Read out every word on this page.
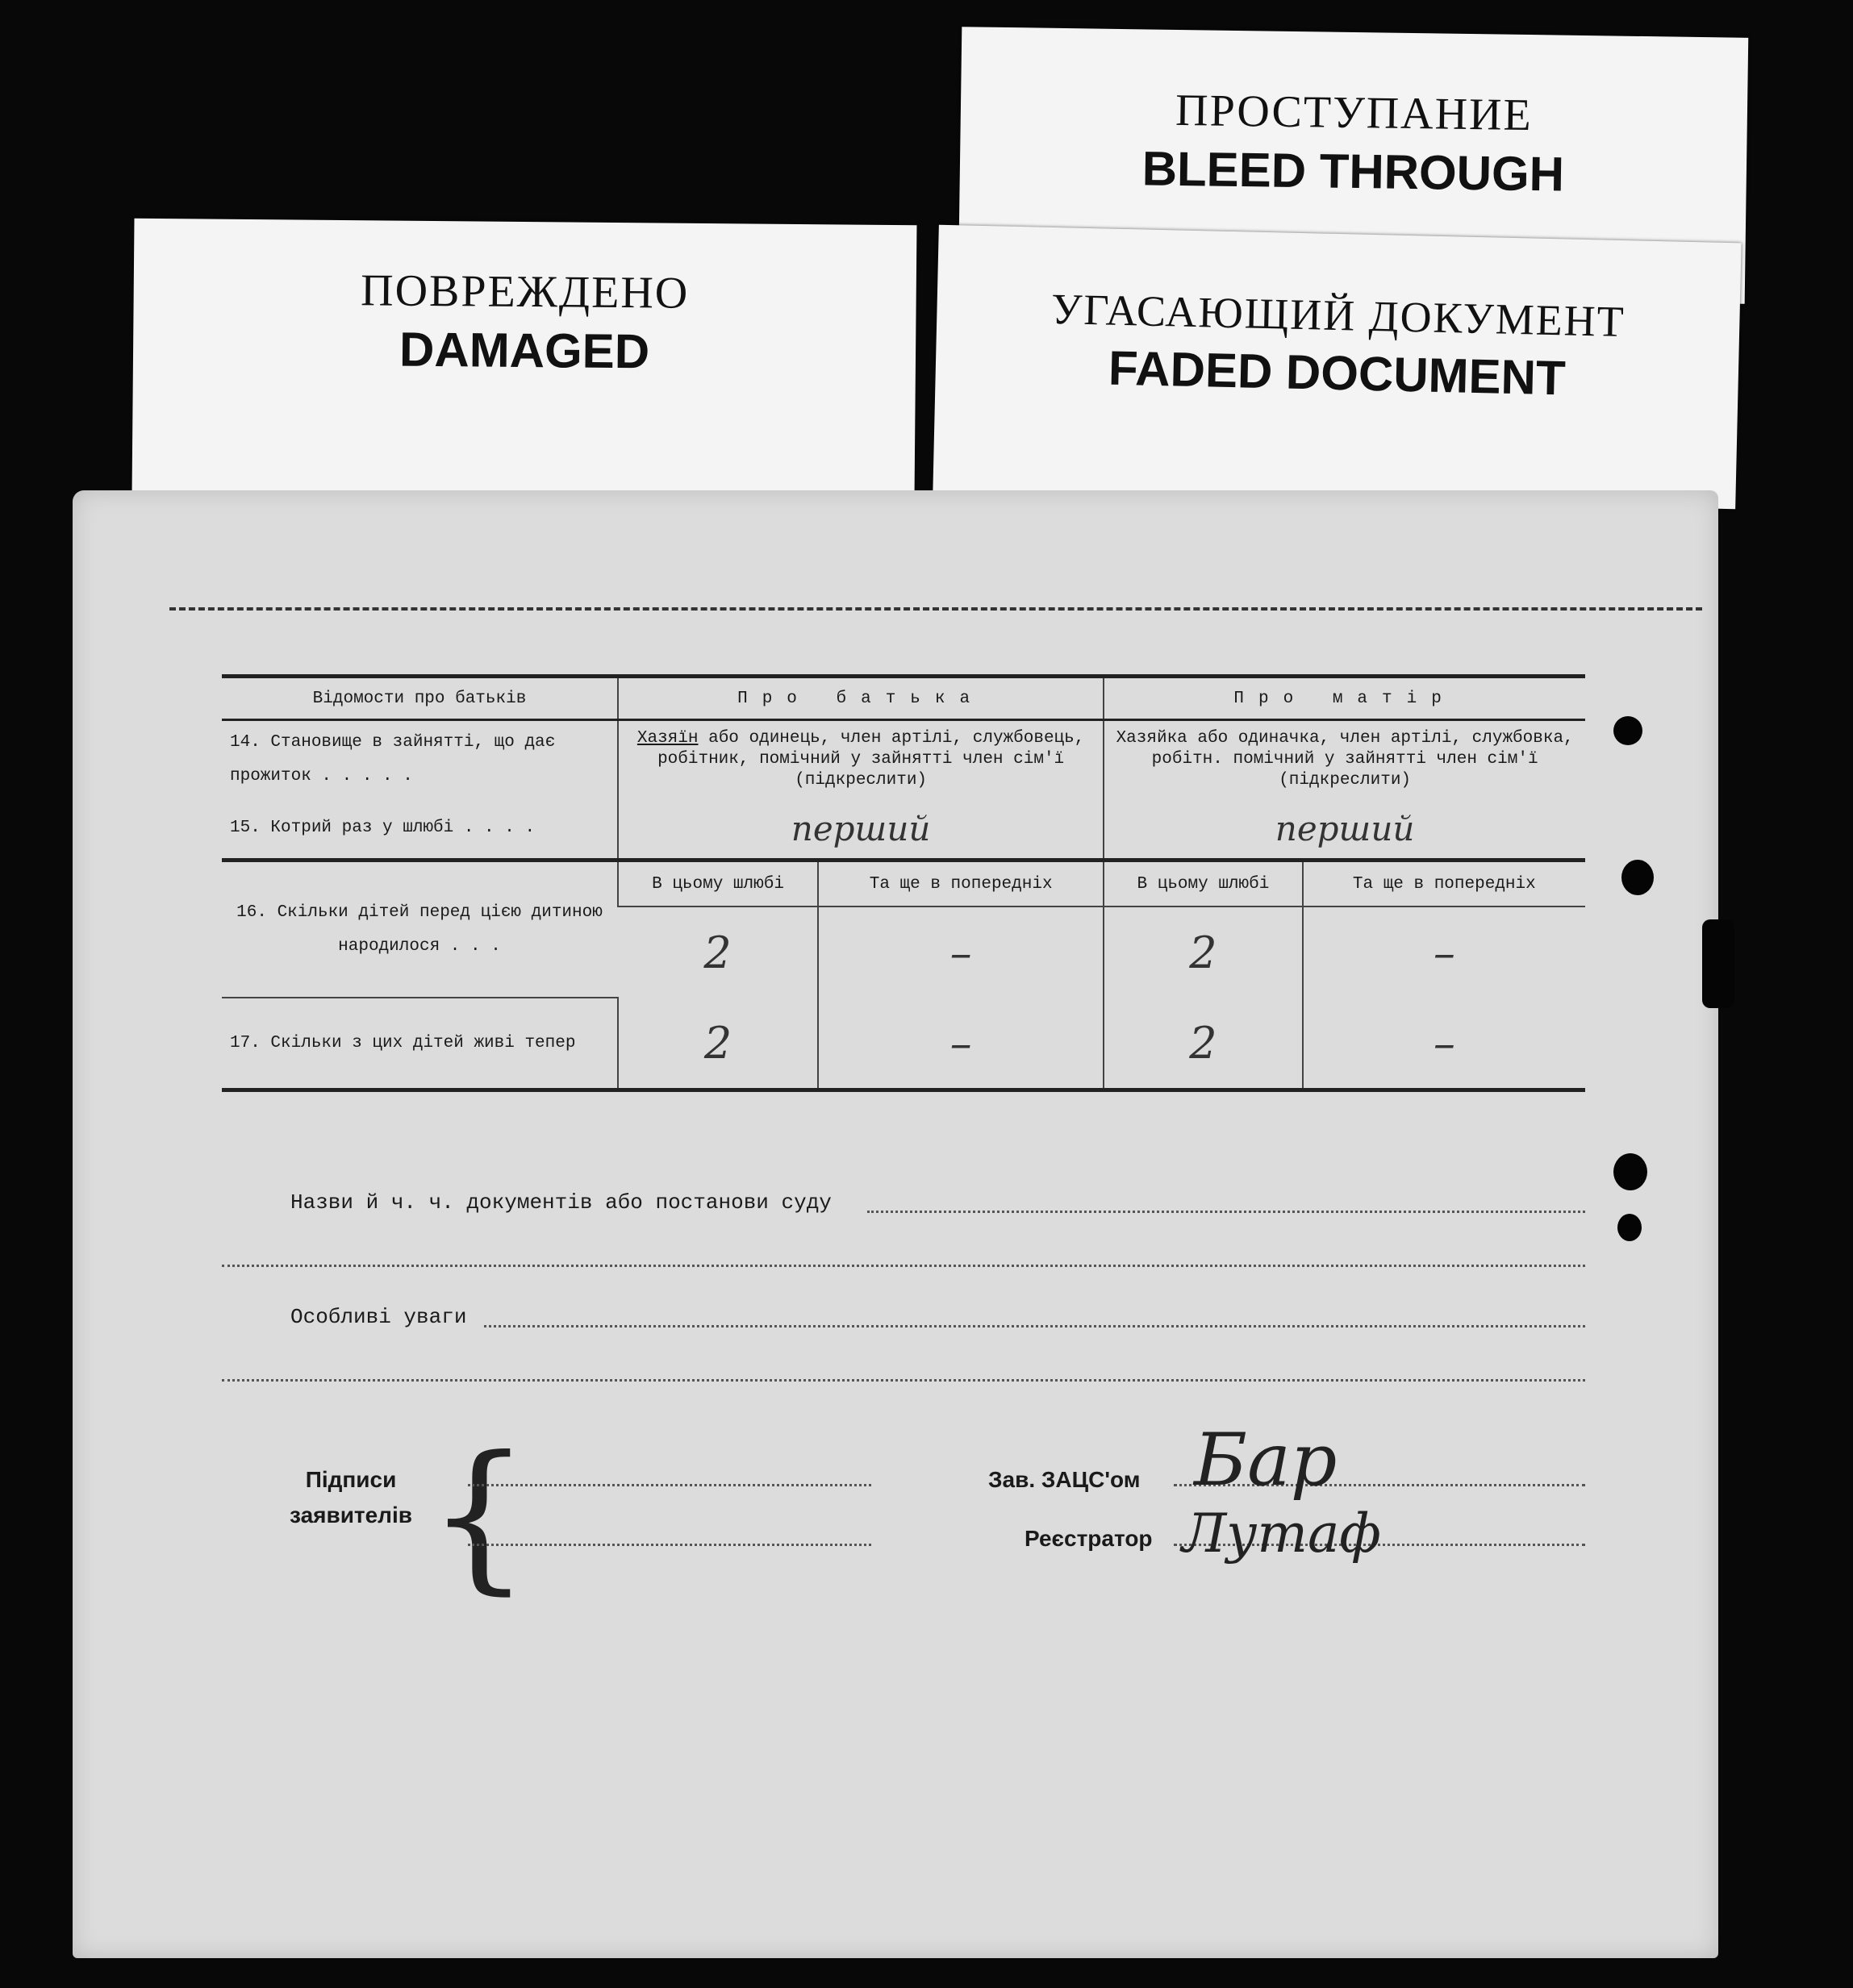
ПОВРЕЖДЕНО
DAMAGED
ПРОСТУПАНИЕ
BLEED THROUGH
УГАСАЮЩИЙ ДОКУМЕНТ
FADED DOCUMENT
Відомости про батьків	Про батька		Про матір	
14. Становище в зайнятті, що дає прожиток . . . . .	Хазяїн або одинець, член артілі, службовець, робітник, помічний у зайнятті член сім'ї (підкреслити)		Хазяйка або одиначка, член артілі, службовка, робітн. помічний у зайнятті член сім'ї (підкреслити)	
15. Котрий раз у шлюбі . . . .	перший		перший	
16. Скільки дітей перед цією дитиною народилося . . .	В цьому шлюбі	Та ще в попередніх	В цьому шлюбі	Та ще в попередніх
	2	–	2	–
17. Скільки з цих дітей живі тепер	2	–	2	–
Назви й ч. ч. документів або постанови суду
Особливі уваги
Підписи
заявителів {	Зав. ЗАЦС'ом
Реєстратор
Бар
Лутаф
